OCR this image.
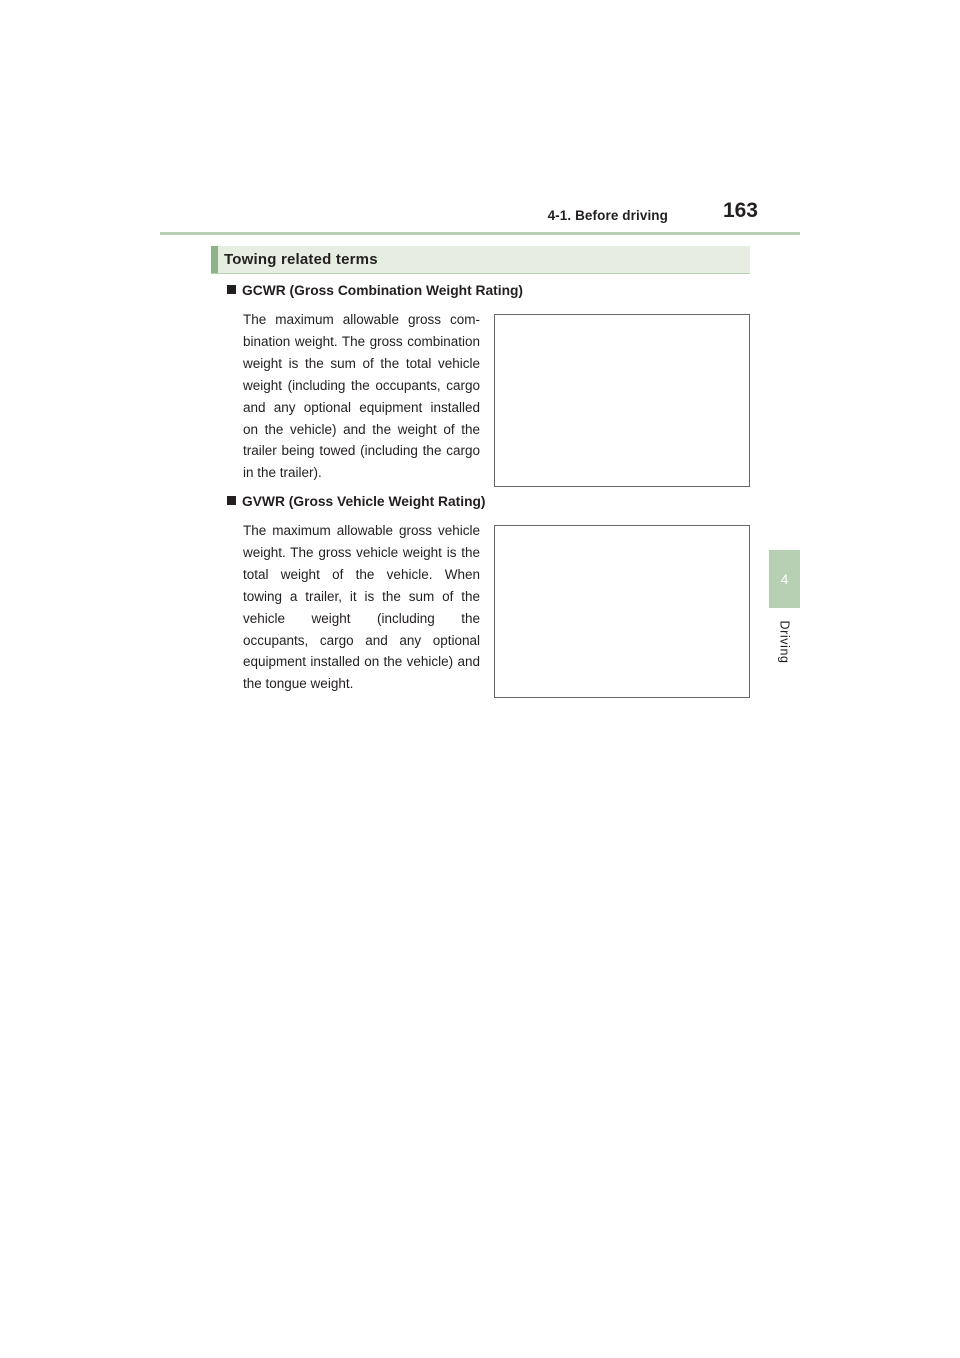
4-1. Before driving	163
4
Driving
Towing related terms
GCWR (Gross Combination Weight Rating)

The maximum allowable gross combination weight. The gross combination weight is the sum of the total vehicle weight (including the occupants, cargo and any optional equipment installed on the vehicle) and the weight of the trailer being towed (including the cargo in the trailer).

GVWR (Gross Vehicle Weight Rating)

The maximum allowable gross vehicle weight. The gross vehicle weight is the total weight of the vehicle. When towing a trailer, it is the sum of the vehicle weight (including the occupants, cargo and any optional equipment installed on the vehicle) and the tongue weight.
